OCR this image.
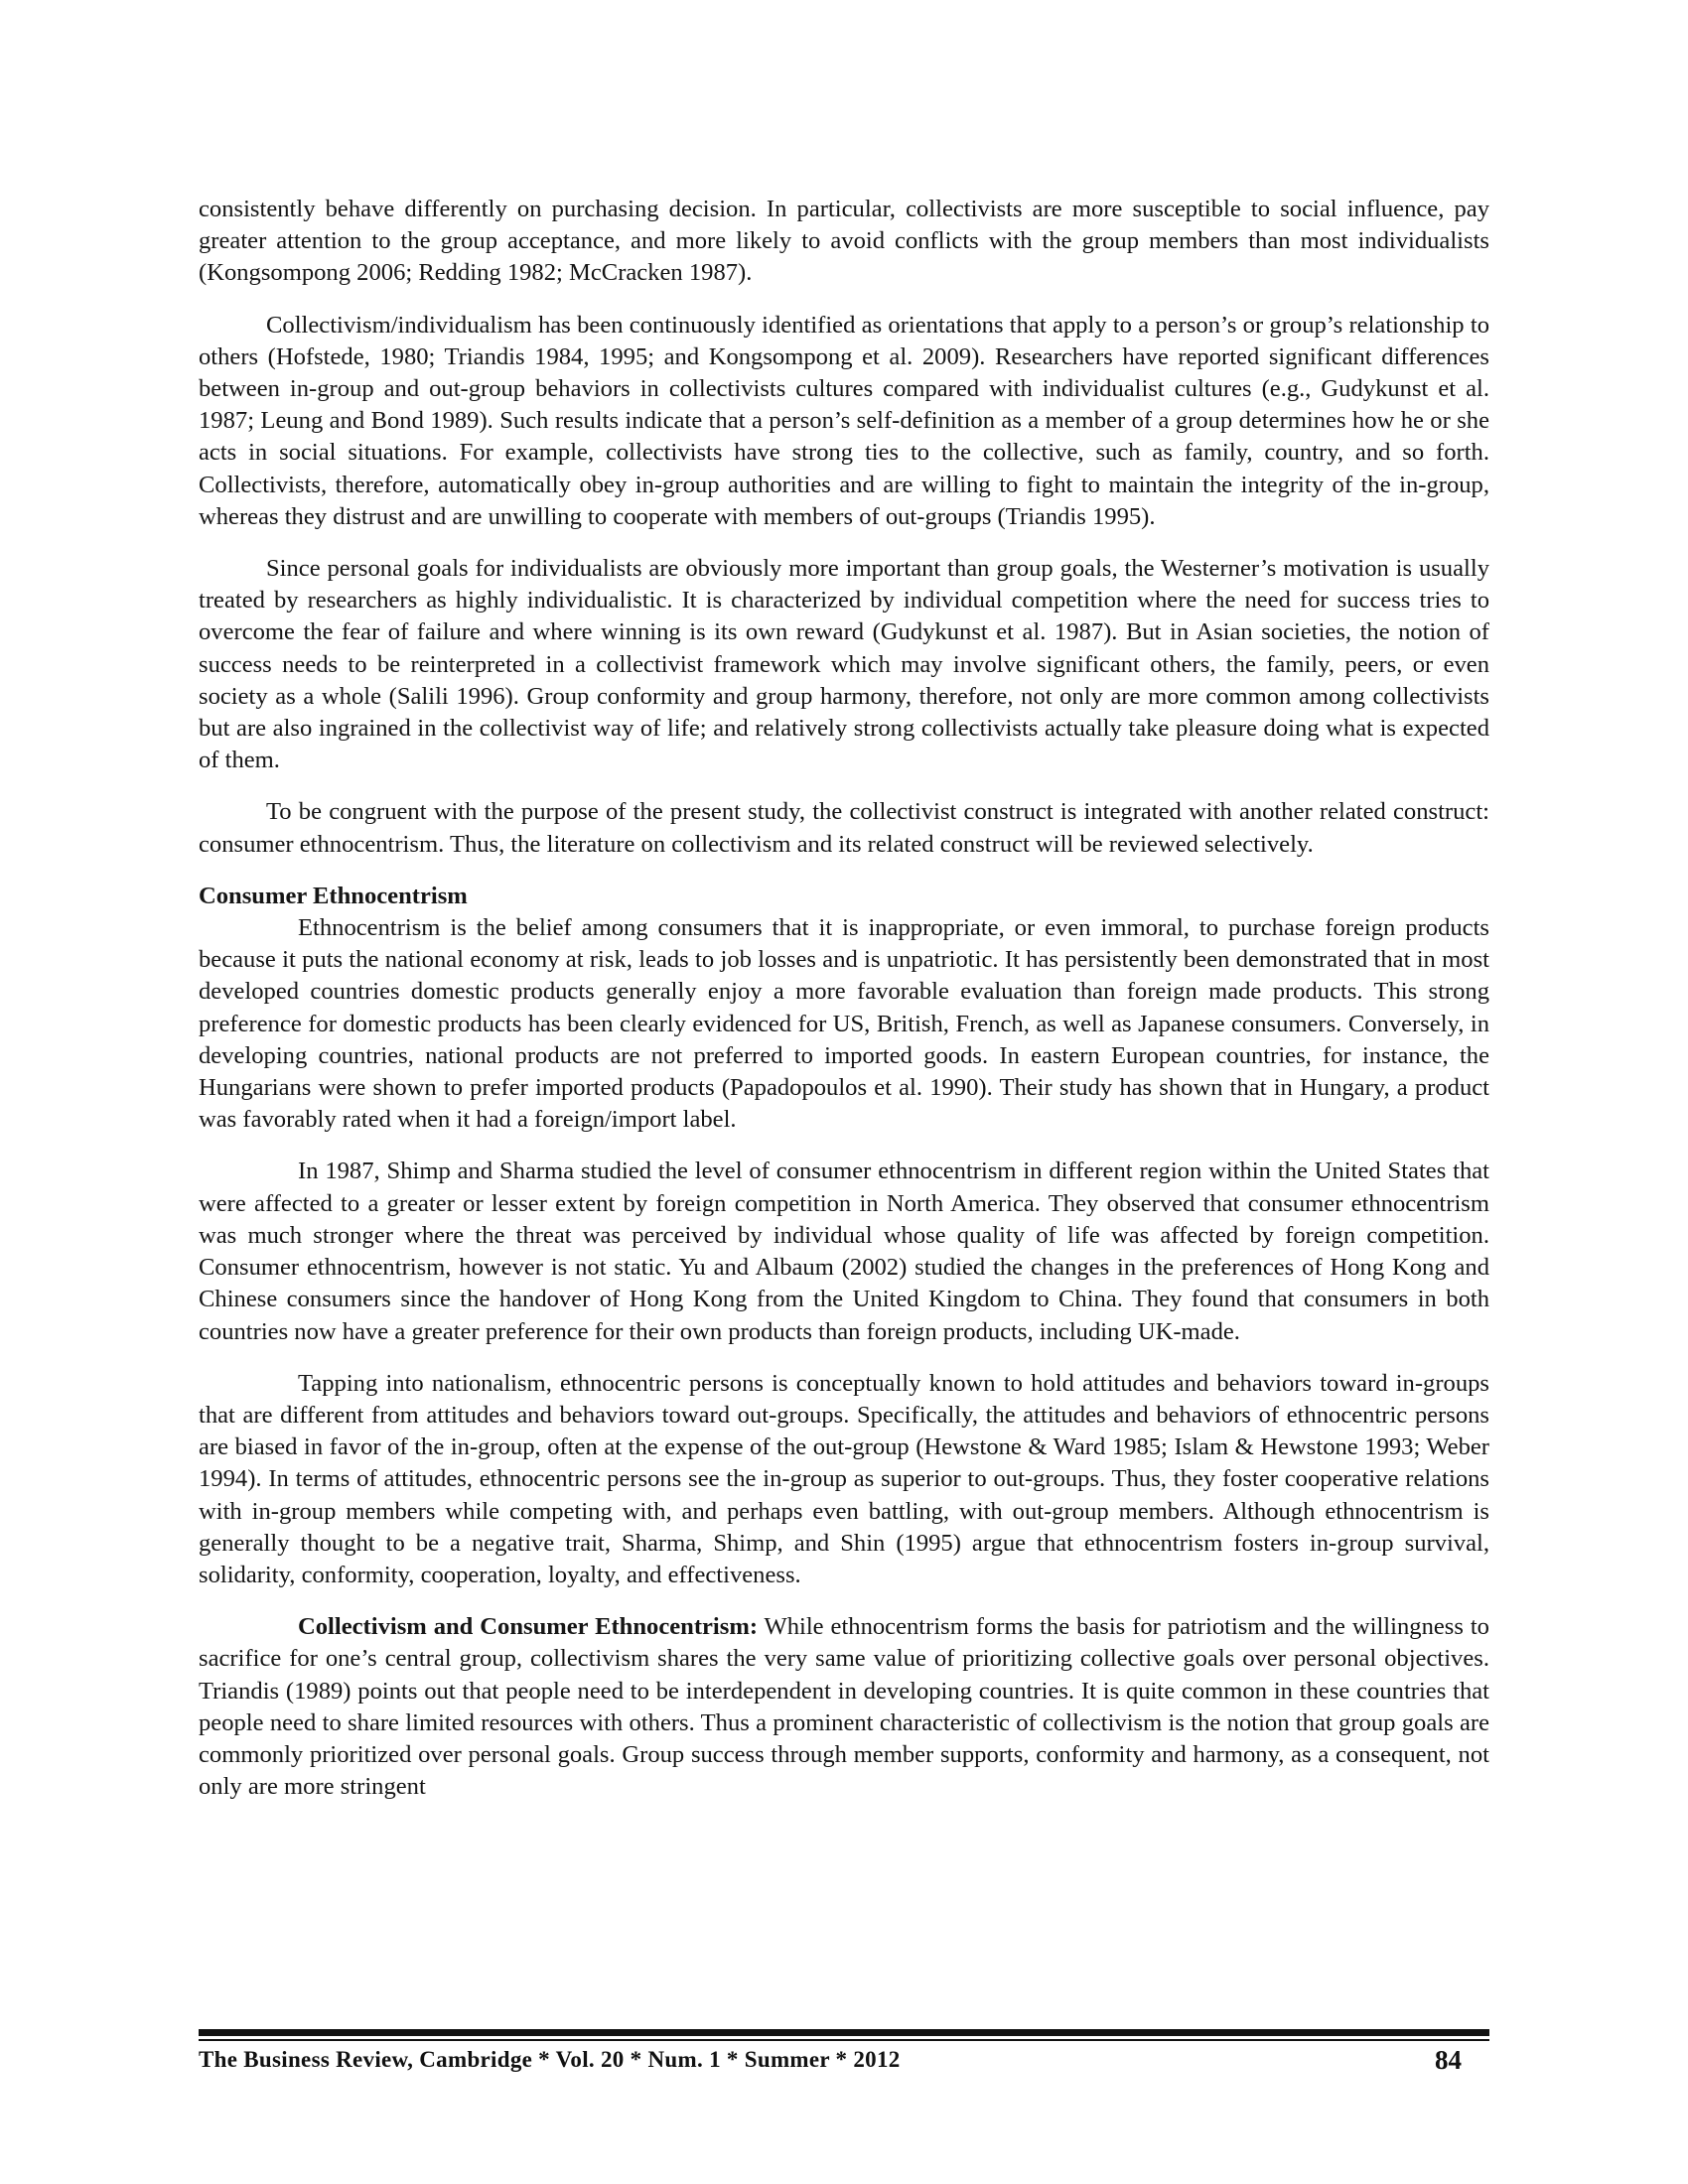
consistently behave differently on purchasing decision. In particular, collectivists are more susceptible to social influence, pay greater attention to the group acceptance, and more likely to avoid conflicts with the group members than most individualists (Kongsompong 2006; Redding 1982; McCracken 1987).

Collectivism/individualism has been continuously identified as orientations that apply to a person’s or group’s relationship to others (Hofstede, 1980; Triandis 1984, 1995; and Kongsompong et al. 2009). Researchers have reported significant differences between in-group and out-group behaviors in collectivists cultures compared with individualist cultures (e.g., Gudykunst et al. 1987; Leung and Bond 1989). Such results indicate that a person’s self-definition as a member of a group determines how he or she acts in social situations. For example, collectivists have strong ties to the collective, such as family, country, and so forth. Collectivists, therefore, automatically obey in-group authorities and are willing to fight to maintain the integrity of the in-group, whereas they distrust and are unwilling to cooperate with members of out-groups (Triandis 1995).

Since personal goals for individualists are obviously more important than group goals, the Westerner’s motivation is usually treated by researchers as highly individualistic. It is characterized by individual competition where the need for success tries to overcome the fear of failure and where winning is its own reward (Gudykunst et al. 1987). But in Asian societies, the notion of success needs to be reinterpreted in a collectivist framework which may involve significant others, the family, peers, or even society as a whole (Salili 1996). Group conformity and group harmony, therefore, not only are more common among collectivists but are also ingrained in the collectivist way of life; and relatively strong collectivists actually take pleasure doing what is expected of them.

To be congruent with the purpose of the present study, the collectivist construct is integrated with another related construct: consumer ethnocentrism. Thus, the literature on collectivism and its related construct will be reviewed selectively.

Consumer Ethnocentrism

Ethnocentrism is the belief among consumers that it is inappropriate, or even immoral, to purchase foreign products because it puts the national economy at risk, leads to job losses and is unpatriotic. It has persistently been demonstrated that in most developed countries domestic products generally enjoy a more favorable evaluation than foreign made products. This strong preference for domestic products has been clearly evidenced for US, British, French, as well as Japanese consumers. Conversely, in developing countries, national products are not preferred to imported goods. In eastern European countries, for instance, the Hungarians were shown to prefer imported products (Papadopoulos et al. 1990). Their study has shown that in Hungary, a product was favorably rated when it had a foreign/import label.

In 1987, Shimp and Sharma studied the level of consumer ethnocentrism in different region within the United States that were affected to a greater or lesser extent by foreign competition in North America. They observed that consumer ethnocentrism was much stronger where the threat was perceived by individual whose quality of life was affected by foreign competition. Consumer ethnocentrism, however is not static. Yu and Albaum (2002) studied the changes in the preferences of Hong Kong and Chinese consumers since the handover of Hong Kong from the United Kingdom to China. They found that consumers in both countries now have a greater preference for their own products than foreign products, including UK-made.

Tapping into nationalism, ethnocentric persons is conceptually known to hold attitudes and behaviors toward in-groups that are different from attitudes and behaviors toward out-groups. Specifically, the attitudes and behaviors of ethnocentric persons are biased in favor of the in-group, often at the expense of the out-group (Hewstone & Ward 1985; Islam & Hewstone 1993; Weber 1994). In terms of attitudes, ethnocentric persons see the in-group as superior to out-groups. Thus, they foster cooperative relations with in-group members while competing with, and perhaps even battling, with out-group members. Although ethnocentrism is generally thought to be a negative trait, Sharma, Shimp, and Shin (1995) argue that ethnocentrism fosters in-group survival, solidarity, conformity, cooperation, loyalty, and effectiveness.

Collectivism and Consumer Ethnocentrism: While ethnocentrism forms the basis for patriotism and the willingness to sacrifice for one’s central group, collectivism shares the very same value of prioritizing collective goals over personal objectives. Triandis (1989) points out that people need to be interdependent in developing countries. It is quite common in these countries that people need to share limited resources with others. Thus a prominent characteristic of collectivism is the notion that group goals are commonly prioritized over personal goals. Group success through member supports, conformity and harmony, as a consequent, not only are more stringent

The Business Review, Cambridge * Vol. 20 * Num. 1 * Summer * 2012	84
